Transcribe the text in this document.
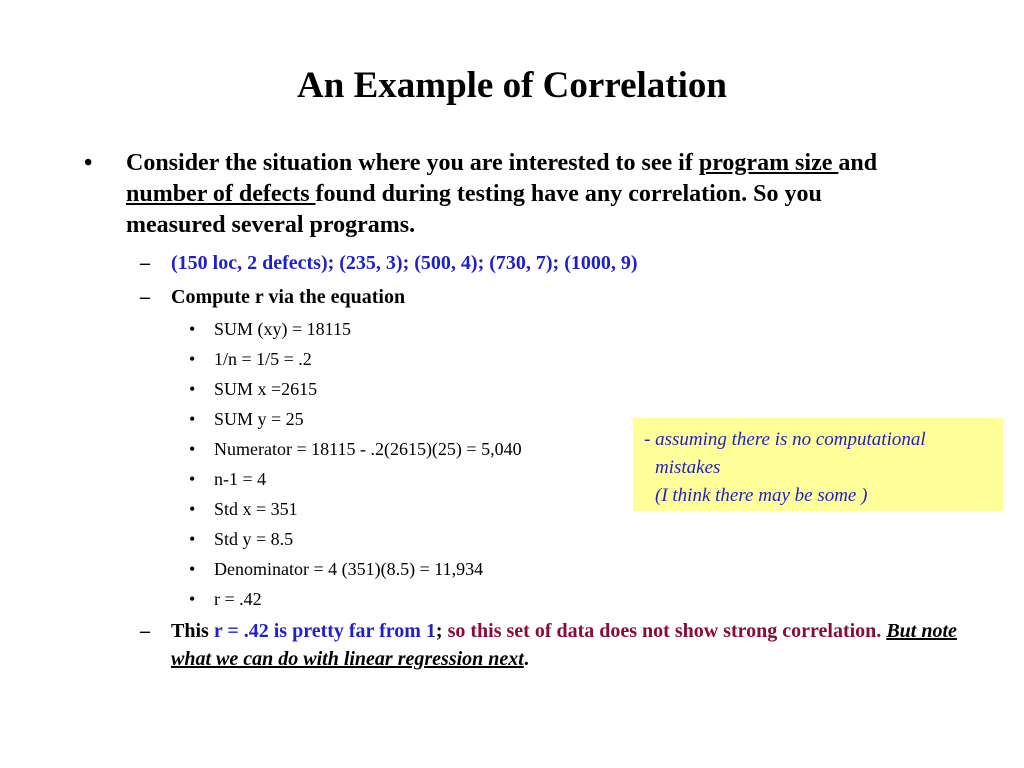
An Example of Correlation
• Consider the situation where you are interested to see if program size and number of defects found during testing have any correlation. So you measured several programs.
– (150 loc, 2 defects); (235, 3); (500, 4); (730, 7); (1000, 9)
– Compute r via the equation
• SUM (xy) = 18115
• 1/n = 1/5 = .2
• SUM x =2615
• SUM y = 25
• Numerator = 18115 - .2(2615)(25) = 5,040
• n-1 = 4
• Std x = 351
• Std y = 8.5
• Denominator = 4 (351)(8.5) = 11,934
• r = .42
– This r = .42 is pretty far from 1; so this set of data does not show strong correlation. But note what we can do with linear regression next.
- assuming there is no computational
mistakes
(I think there may be some )
